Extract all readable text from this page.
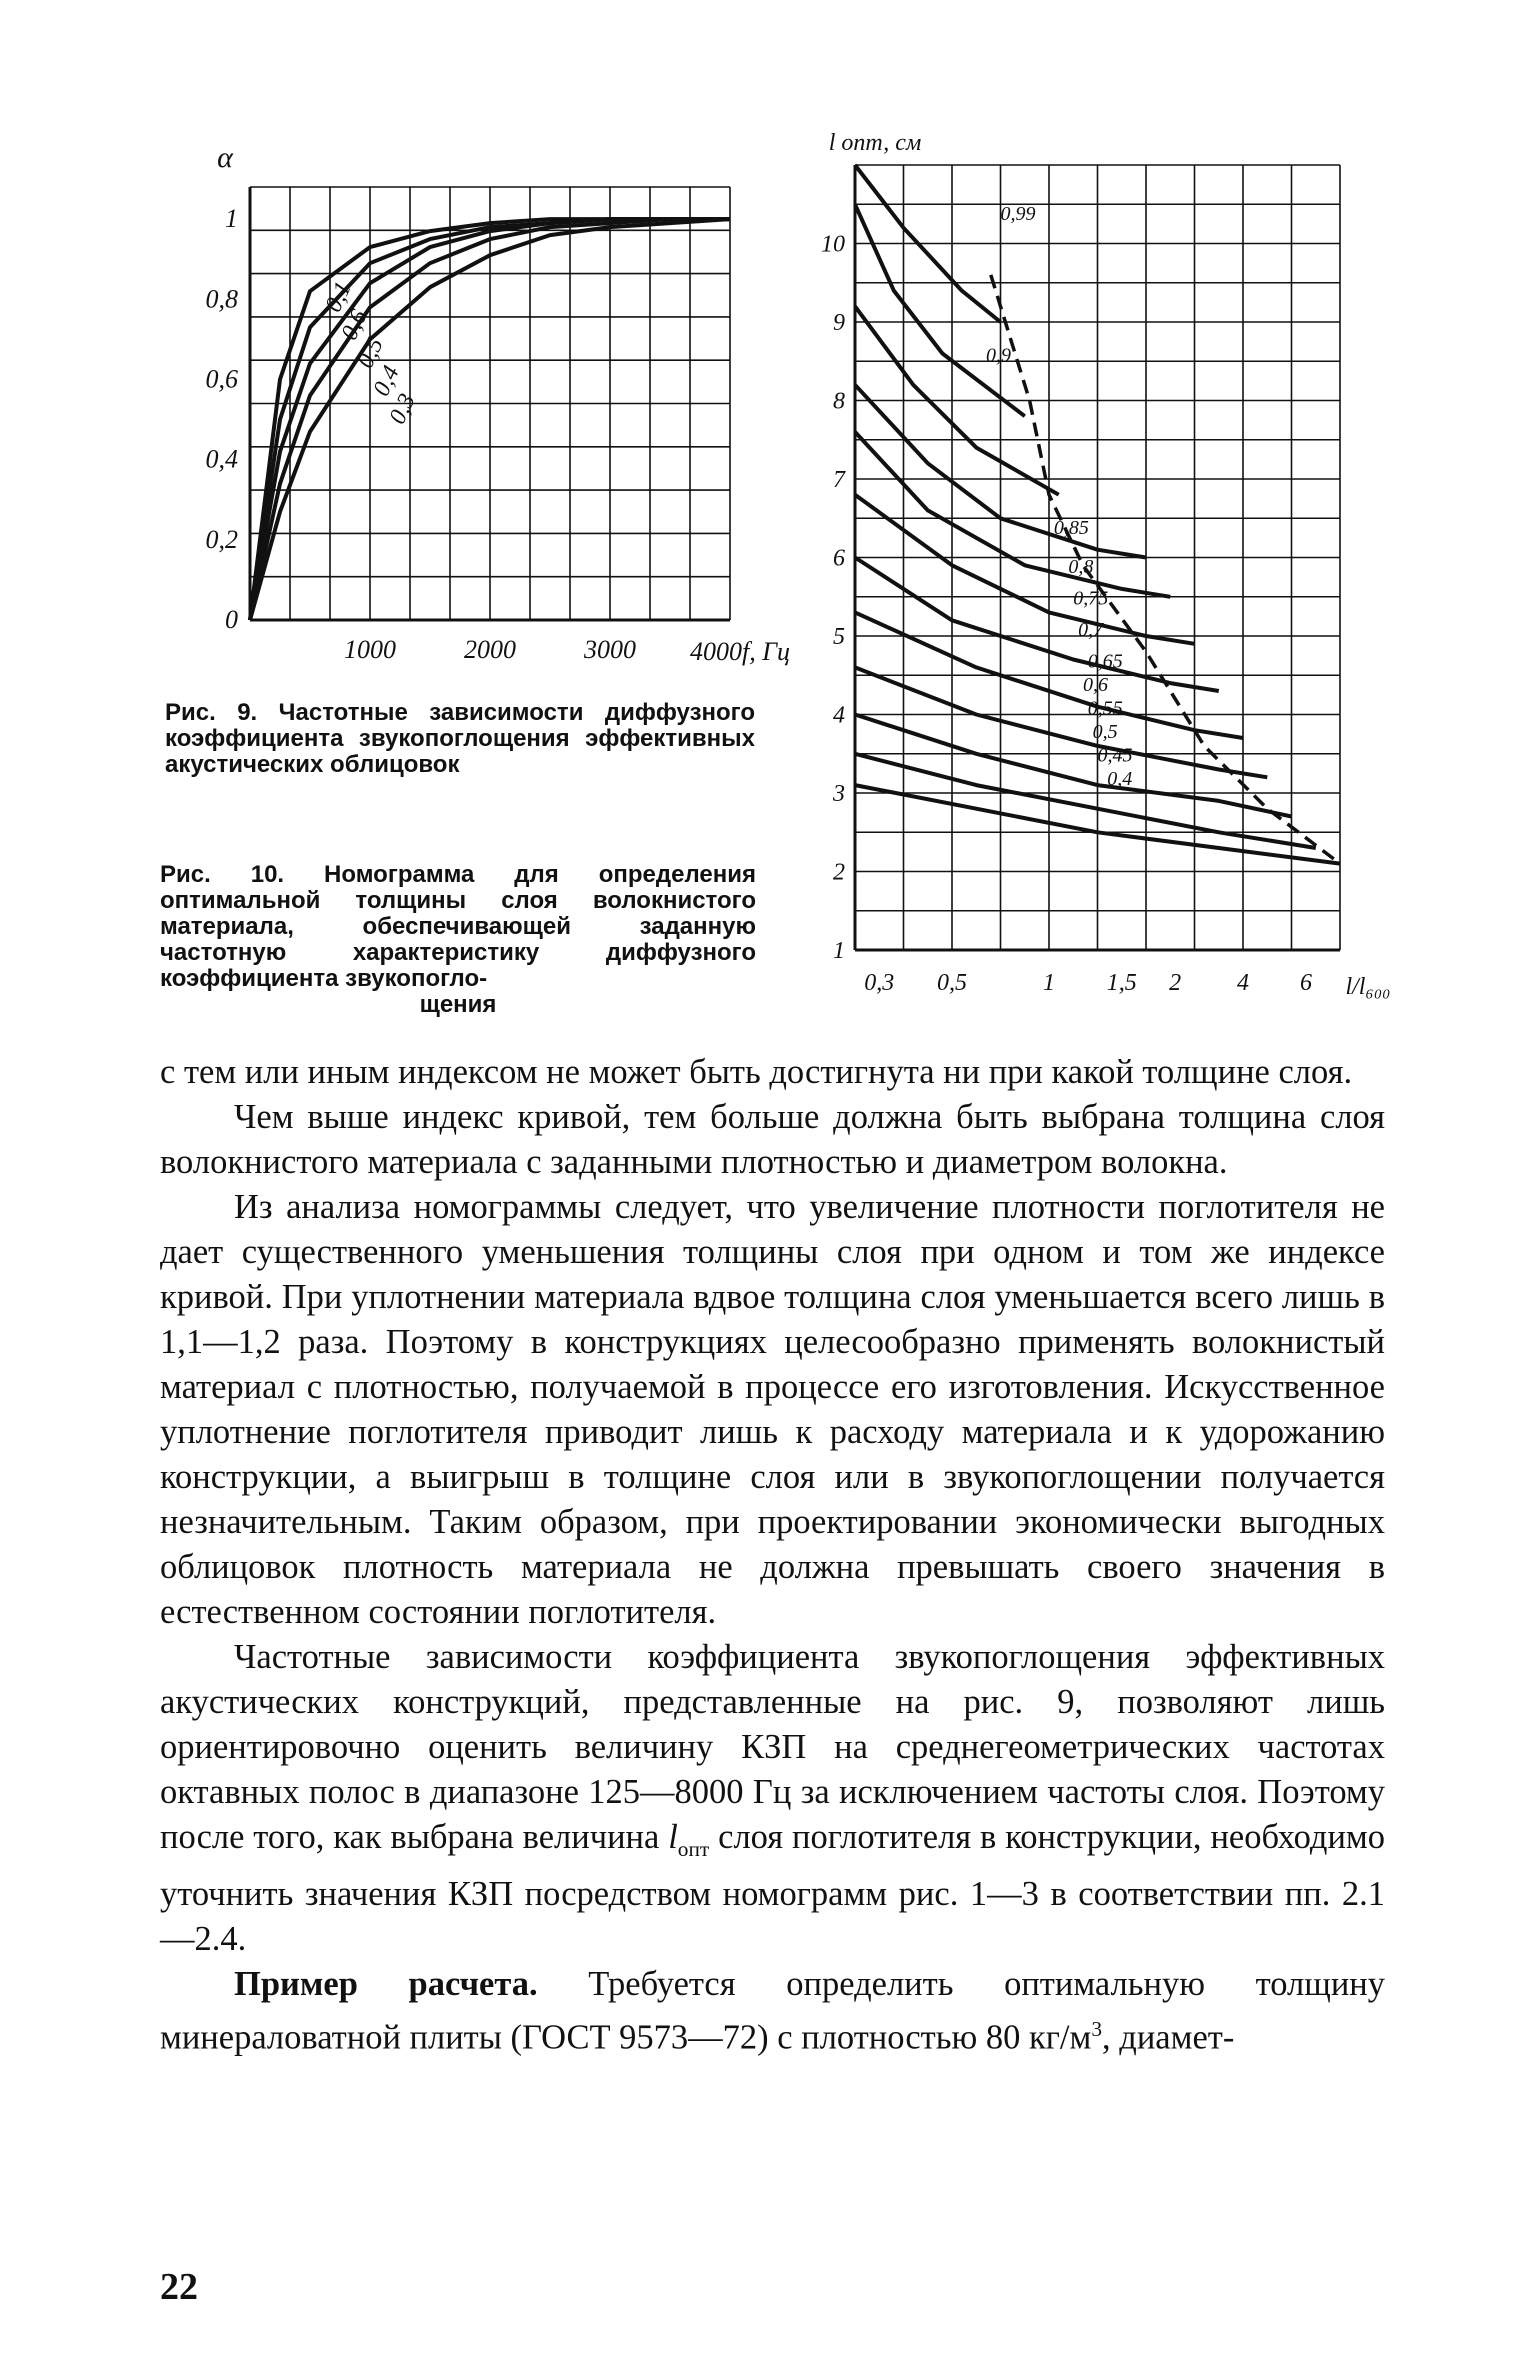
α
1
0,8
0,6
0,4
0,2
0
1000	2000	3000 4000f, Гц
0,1
0,6
0,5
0,4
0,3

Рис. 9. Частотные зависимости диффузного коэффициента звукопоглощения эффективных акустических облицовок

l опт, см
10
9
8
7
6
5
4
3
2
1
0,3 0,5	1 1,5 2 4 6 l/l₆₀₀
0,99
0,9
0,85
0,8
0,75
0,7
0,65
0,6
0,55
0,5
0,45
0,4

Рис. 10. Номограмма для определения оптимальной толщины слоя волокнистого материала, обеспечивающей заданную частотную характеристику диффузного коэффициента звукопогло-
щения

с тем или иным индексом не может быть достигнута ни при какой толщине слоя.

Чем выше индекс кривой, тем больше должна быть выбрана толщина слоя волокнистого материала с заданными плотностью и диаметром волокна.

Из анализа номограммы следует, что увеличение плотности поглотителя не дает существенного уменьшения толщины слоя при одном и том же индексе кривой. При уплотнении материала вдвое толщина слоя уменьшается всего лишь в 1,1—1,2 раза. Поэтому в конструкциях целесообразно применять волокнистый материал с плотностью, получаемой в процессе его изготовления. Искусственное уплотнение поглотителя приводит лишь к расходу материала и к удорожанию конструкции, а выигрыш в толщине слоя или в звукопоглощении получается незначительным. Таким образом, при проектировании экономически выгодных облицовок плотность материала не должна превышать своего значения в естественном состоянии поглотителя.

Частотные зависимости коэффициента звукопоглощения эффективных акустических конструкций, представленные на рис. 9, позволяют лишь ориентировочно оценить величину КЗП на среднегеометрических частотах октавных полос в диапазоне 125—8000 Гц за исключением частоты слоя. Поэтому после того, как выбрана величина $l_{опт}$ слоя поглотителя в конструкции, необходимо уточнить значения КЗП посредством номограмм рис. 1—3 в соответствии пп. 2.1—2.4.

Пример расчета. Требуется определить оптимальную толщину минераловатной плиты (ГОСТ 9573—72) с плотностью 80 $кг/м^3$, диамет-

22
